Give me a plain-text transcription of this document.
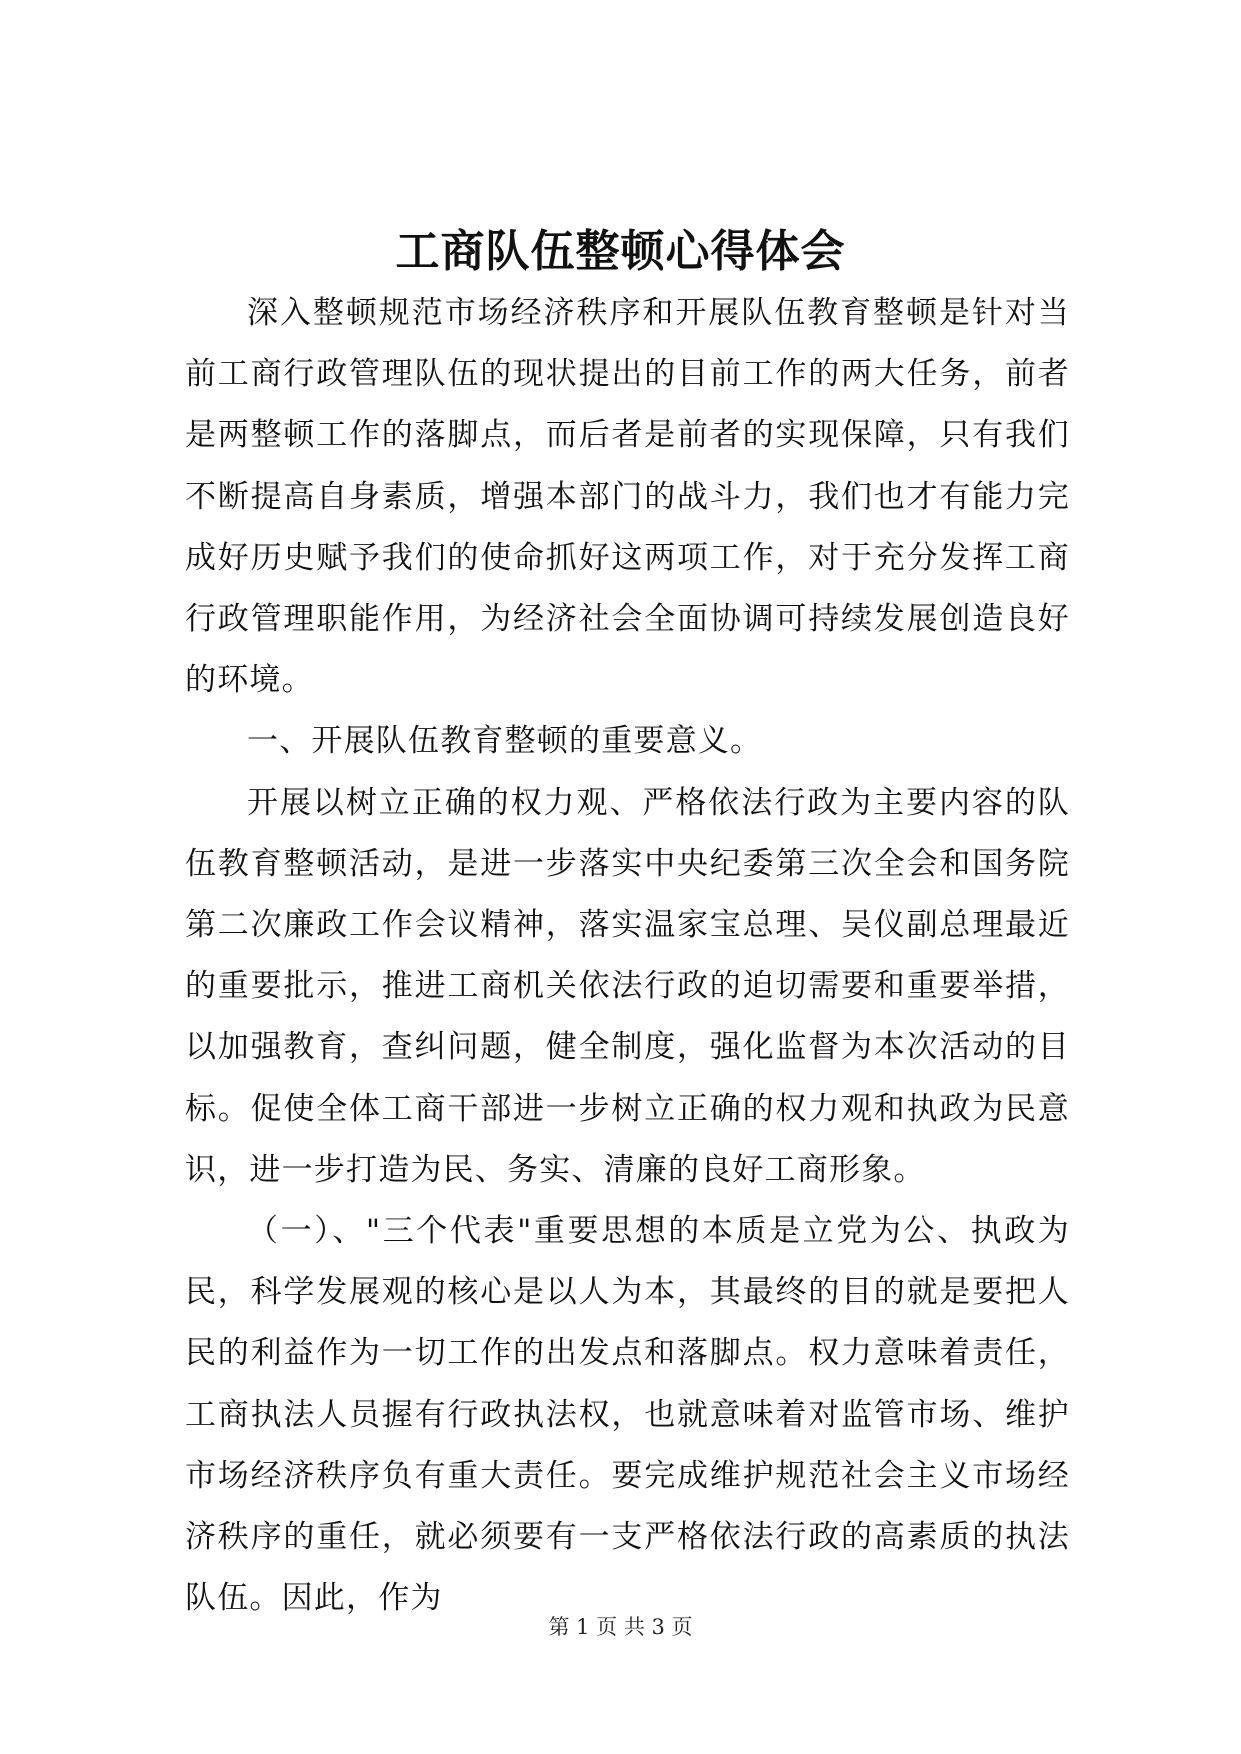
工商队伍整顿心得体会

深入整顿规范市场经济秩序和开展队伍教育整顿是针对当前工商行政管理队伍的现状提出的目前工作的两大任务，前者是两整顿工作的落脚点，而后者是前者的实现保障，只有我们不断提高自身素质，增强本部门的战斗力，我们也才有能力完成好历史赋予我们的使命抓好这两项工作，对于充分发挥工商行政管理职能作用，为经济社会全面协调可持续发展创造良好的环境。

一、开展队伍教育整顿的重要意义。

开展以树立正确的权力观、严格依法行政为主要内容的队伍教育整顿活动，是进一步落实中央纪委第三次全会和国务院第二次廉政工作会议精神，落实温家宝总理、吴仪副总理最近的重要批示，推进工商机关依法行政的迫切需要和重要举措，以加强教育，查纠问题，健全制度，强化监督为本次活动的目标。促使全体工商干部进一步树立正确的权力观和执政为民意识，进一步打造为民、务实、清廉的良好工商形象。

（一）、"三个代表"重要思想的本质是立党为公、执政为民，科学发展观的核心是以人为本，其最终的目的就是要把人民的利益作为一切工作的出发点和落脚点。权力意味着责任，工商执法人员握有行政执法权，也就意味着对监管市场、维护市场经济秩序负有重大责任。要完成维护规范社会主义市场经济秩序的重任，就必须要有一支严格依法行政的高素质的执法队伍。因此，作为

第 1 页 共 3 页
